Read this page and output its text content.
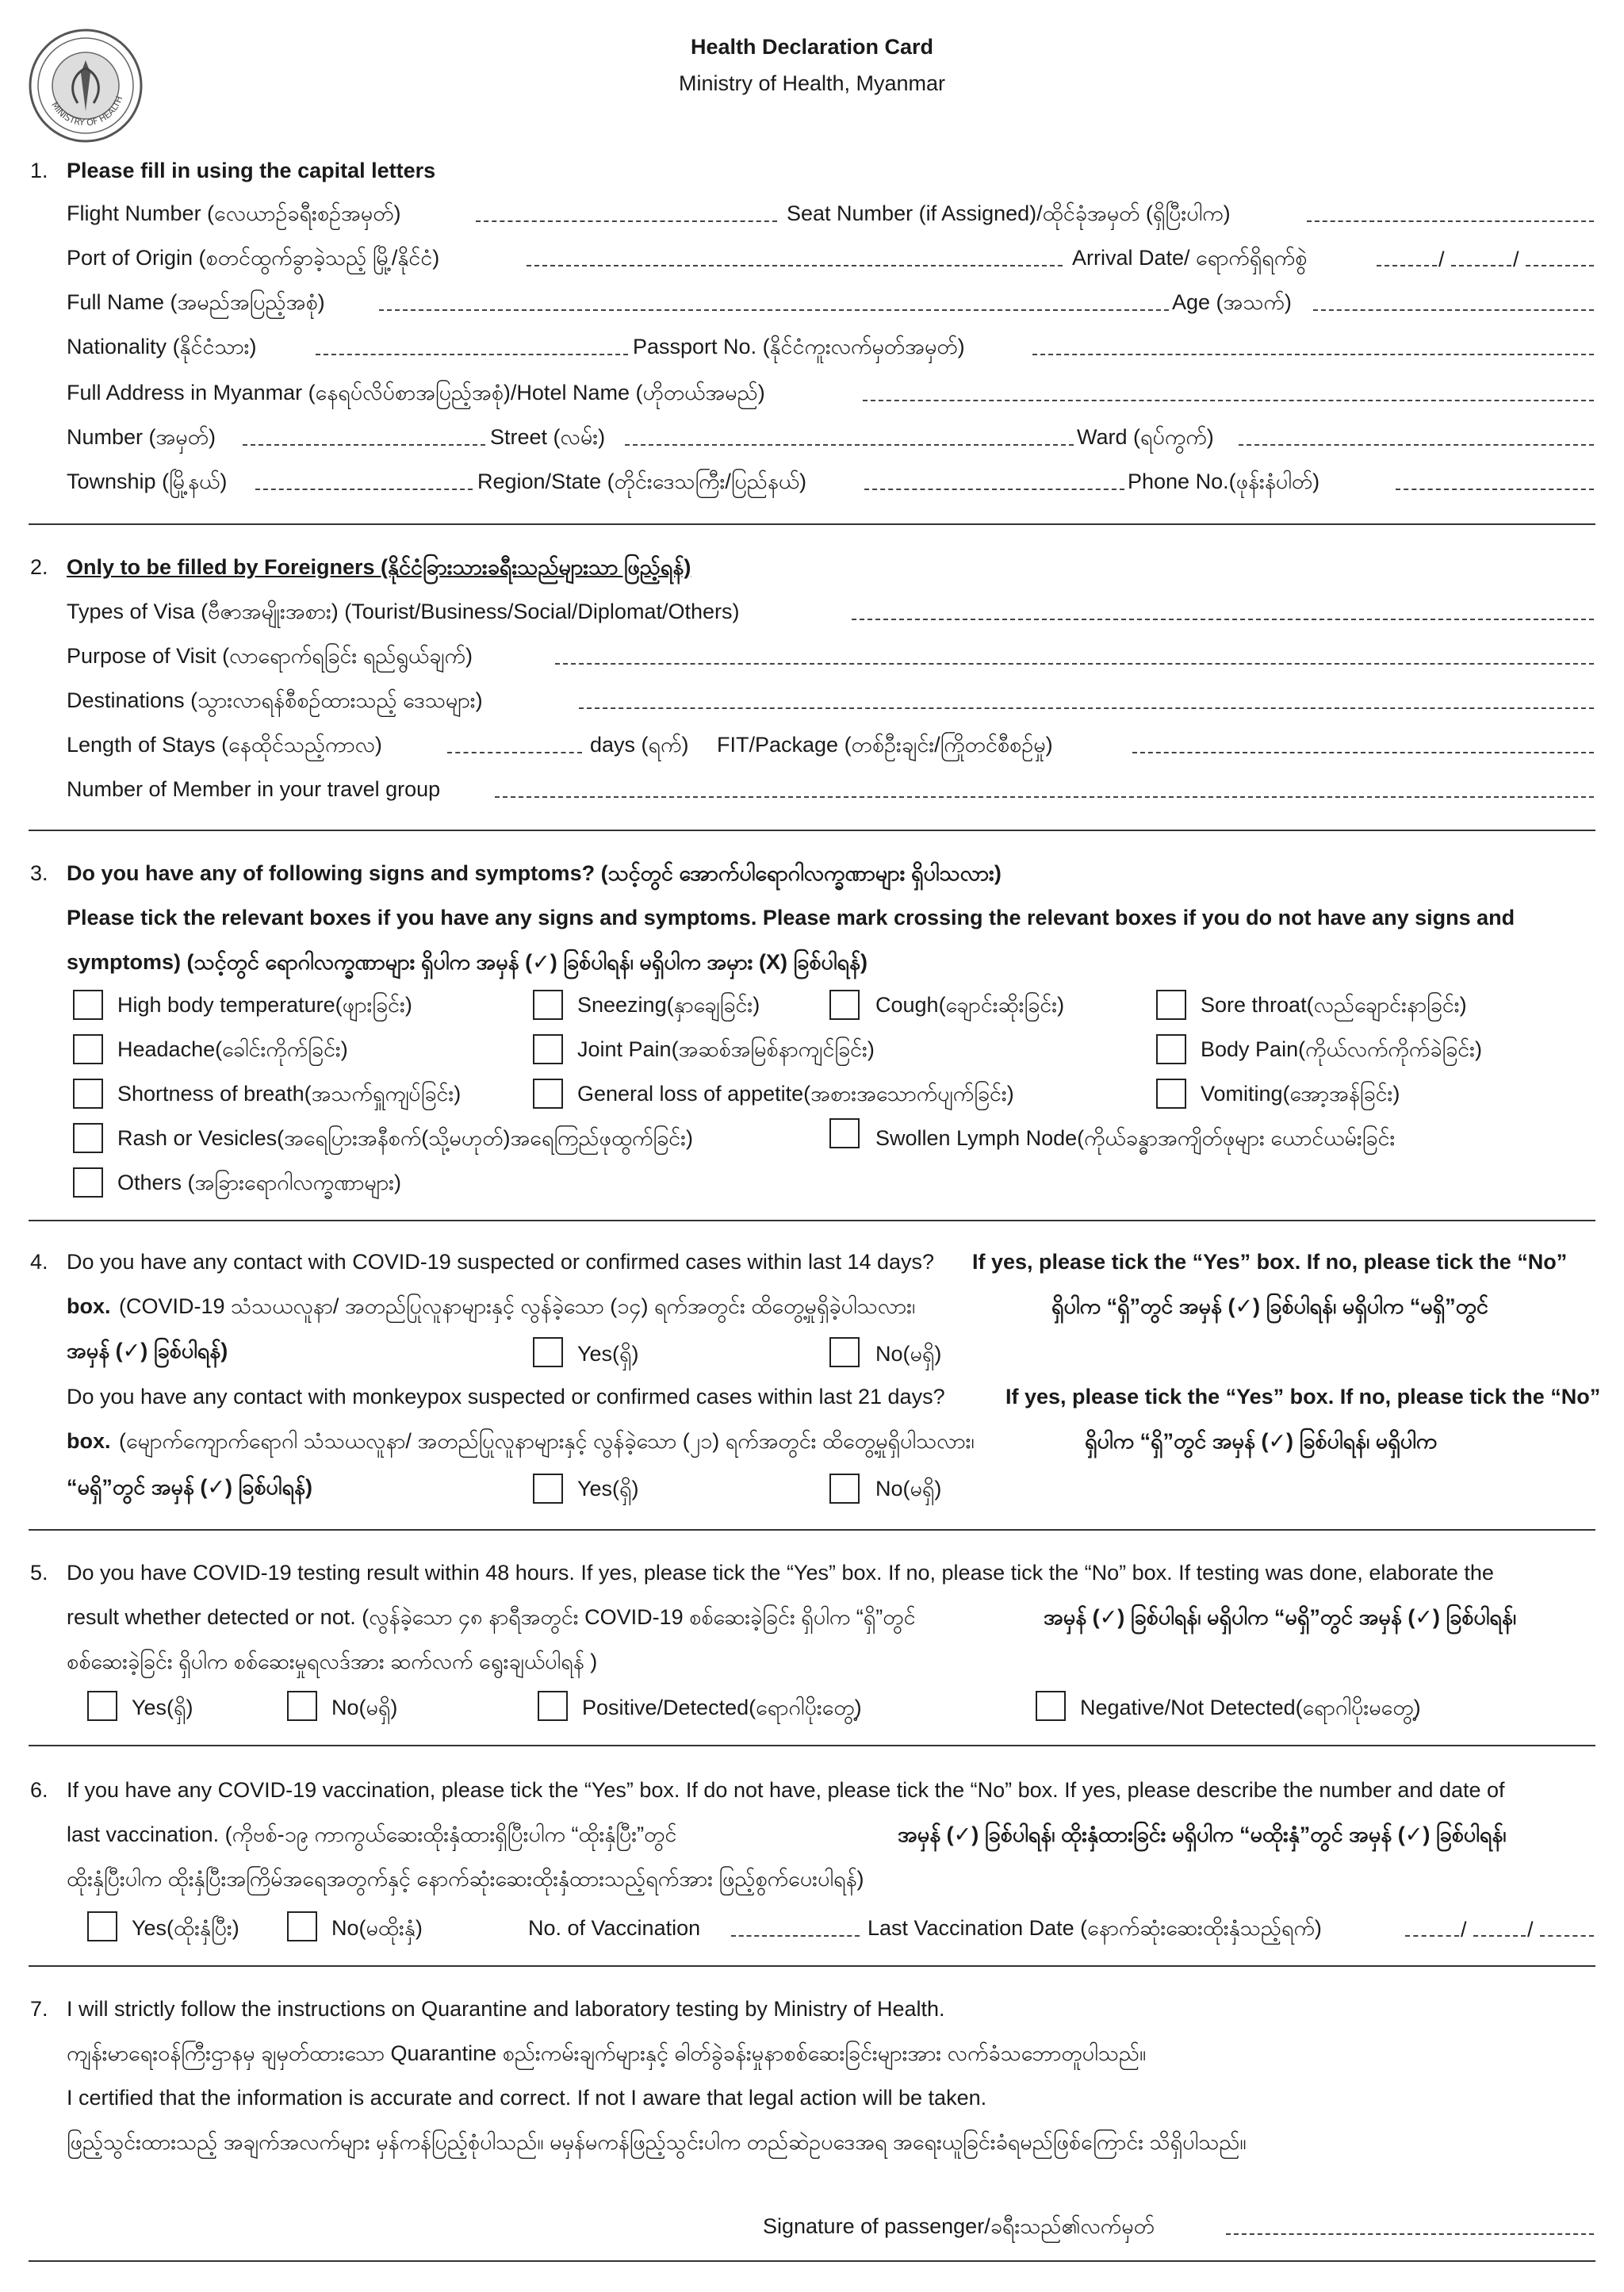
MINISTRY OF HEALTH
Health Declaration Card
Ministry of Health, Myanmar
1. Please fill in using the capital letters
Flight Number (လေယာဉ်ခရီးစဉ်အမှတ်)	Seat Number (if Assigned)/ထိုင်ခုံအမှတ် (ရှိပြီးပါက)
Port of Origin (စတင်ထွက်ခွာခဲ့သည့် မြို့/နိုင်ငံ)	Arrival Date/ ရောက်ရှိရက်စွဲ	/	/
Full Name (အမည်အပြည့်အစုံ)	Age (အသက်)
Nationality (နိုင်ငံသား)	Passport No. (နိုင်ငံကူးလက်မှတ်အမှတ်)
Full Address in Myanmar (နေရပ်လိပ်စာအပြည့်အစုံ)/Hotel Name (ဟိုတယ်အမည်)
Number (အမှတ်)	Street (လမ်း)	Ward (ရပ်ကွက်)
Township (မြို့နယ်)	Region/State (တိုင်းဒေသကြီး/ပြည်နယ်)	Phone No.(ဖုန်းနံပါတ်)
2. Only to be filled by Foreigners (နိုင်ငံခြားသားခရီးသည်များသာ ဖြည့်ရန်)
Types of Visa (ဗီဇာအမျိုးအစား) (Tourist/Business/Social/Diplomat/Others)
Purpose of Visit (လာရောက်ရခြင်း ရည်ရွယ်ချက်)
Destinations (သွားလာရန်စီစဉ်ထားသည့် ဒေသများ)
Length of Stays (နေထိုင်သည့်ကာလ)	days (ရက်) FIT/Package (တစ်ဦးချင်း/ကြိုတင်စီစဉ်မှု)
Number of Member in your travel group
3. Do you have any of following signs and symptoms? (သင့်တွင် အောက်ပါရောဂါလက္ခဏာများ ရှိပါသလား)
Please tick the relevant boxes if you have any signs and symptoms. Please mark crossing the relevant boxes if you do not have any signs and
symptoms) (သင့်တွင် ရောဂါလက္ခဏာများ ရှိပါက အမှန် (✓) ခြစ်ပါရန်၊ မရှိပါက အမှား (X) ခြစ်ပါရန်)
High body temperature(ဖျားခြင်း)	Sneezing(နှာချေခြင်း)	Cough(ချောင်းဆိုးခြင်း)	Sore throat(လည်ချောင်းနာခြင်း)
Headache(ခေါင်းကိုက်ခြင်း)	Joint Pain(အဆစ်အမြစ်နာကျင်ခြင်း)	Body Pain(ကိုယ်လက်ကိုက်ခဲခြင်း)
Shortness of breath(အသက်ရှူကျပ်ခြင်း)	General loss of appetite(အစားအသောက်ပျက်ခြင်း)	Vomiting(အော့အန်ခြင်း)
Rash or Vesicles(အရေပြားအနီစက်(သို့မဟုတ်)အရေကြည်ဖုထွက်ခြင်း)	Swollen Lymph Node(ကိုယ်ခန္ဓာအကျိတ်ဖုများ ယောင်ယမ်းခြင်း
Others (အခြားရောဂါလက္ခဏာများ)
4. Do you have any contact with COVID-19 suspected or confirmed cases within last 14 days? If yes, please tick the “Yes” box. If no, please tick the “No”
box. (COVID-19 သံသယလူနာ/ အတည်ပြုလူနာများနှင့် လွန်ခဲ့သော (၁၄) ရက်အတွင်း ထိတွေ့မှုရှိခဲ့ပါသလား၊	ရှိပါက “ရှိ”တွင် အမှန် (✓) ခြစ်ပါရန်၊ မရှိပါက “မရှိ”တွင်
အမှန် (✓) ခြစ်ပါရန်)	Yes(ရှိ)	No(မရှိ)
Do you have any contact with monkeypox suspected or confirmed cases within last 21 days?	If yes, please tick the “Yes” box. If no, please tick the “No”
box. (မျောက်ကျောက်ရောဂါ သံသယလူနာ/ အတည်ပြုလူနာများနှင့် လွန်ခဲ့သော (၂၁) ရက်အတွင်း ထိတွေ့မှုရှိပါသလား၊	ရှိပါက “ရှိ”တွင် အမှန် (✓) ခြစ်ပါရန်၊ မရှိပါက
“မရှိ”တွင် အမှန် (✓) ခြစ်ပါရန်)	Yes(ရှိ)	No(မရှိ)
5. Do you have COVID-19 testing result within 48 hours. If yes, please tick the “Yes” box. If no, please tick the “No” box. If testing was done, elaborate the
result whether detected or not. (လွန်ခဲ့သော ၄၈ နာရီအတွင်း COVID-19 စစ်ဆေးခဲ့ခြင်း ရှိပါက “ရှိ”တွင်	အမှန် (✓) ခြစ်ပါရန်၊ မရှိပါက “မရှိ”တွင် အမှန် (✓) ခြစ်ပါရန်၊
စစ်ဆေးခဲ့ခြင်း ရှိပါက စစ်ဆေးမှုရလဒ်အား ဆက်လက် ရွေးချယ်ပါရန် )
Yes(ရှိ)	No(မရှိ)	Positive/Detected(ရောဂါပိုးတွေ့)	Negative/Not Detected(ရောဂါပိုးမတွေ့)
6. If you have any COVID-19 vaccination, please tick the “Yes” box. If do not have, please tick the “No” box. If yes, please describe the number and date of
last vaccination. (ကိုဗစ်-၁၉ ကာကွယ်ဆေးထိုးနှံထားရှိပြီးပါက “ထိုးနှံပြီး”တွင်	အမှန် (✓) ခြစ်ပါရန်၊ ထိုးနှံထားခြင်း မရှိပါက “မထိုးနှံ”တွင် အမှန် (✓) ခြစ်ပါရန်၊
ထိုးနှံပြီးပါက ထိုးနှံပြီးအကြိမ်အရေအတွက်နှင့် နောက်ဆုံးဆေးထိုးနှံထားသည့်ရက်အား ဖြည့်စွက်ပေးပါရန်)
Yes(ထိုးနှံပြီး)	No(မထိုးနှံ)	No. of Vaccination	Last Vaccination Date (နောက်ဆုံးဆေးထိုးနှံသည့်ရက်)	/	/
7. I will strictly follow the instructions on Quarantine and laboratory testing by Ministry of Health.
ကျန်းမာရေးဝန်ကြီးဌာနမှ ချမှတ်ထားသော Quarantine စည်းကမ်းချက်များနှင့် ဓါတ်ခွဲခန်းမှုနာစစ်ဆေးခြင်းများအား လက်ခံသဘောတူပါသည်။
I certified that the information is accurate and correct. If not I aware that legal action will be taken.
ဖြည့်သွင်းထားသည့် အချက်အလက်များ မှန်ကန်ပြည့်စုံပါသည်။ မမှန်မကန်ဖြည့်သွင်းပါက တည်ဆဲဥပဒေအရ အရေးယူခြင်းခံရမည်ဖြစ်ကြောင်း သိရှိပါသည်။
Signature of passenger/ခရီးသည်၏လက်မှတ်
